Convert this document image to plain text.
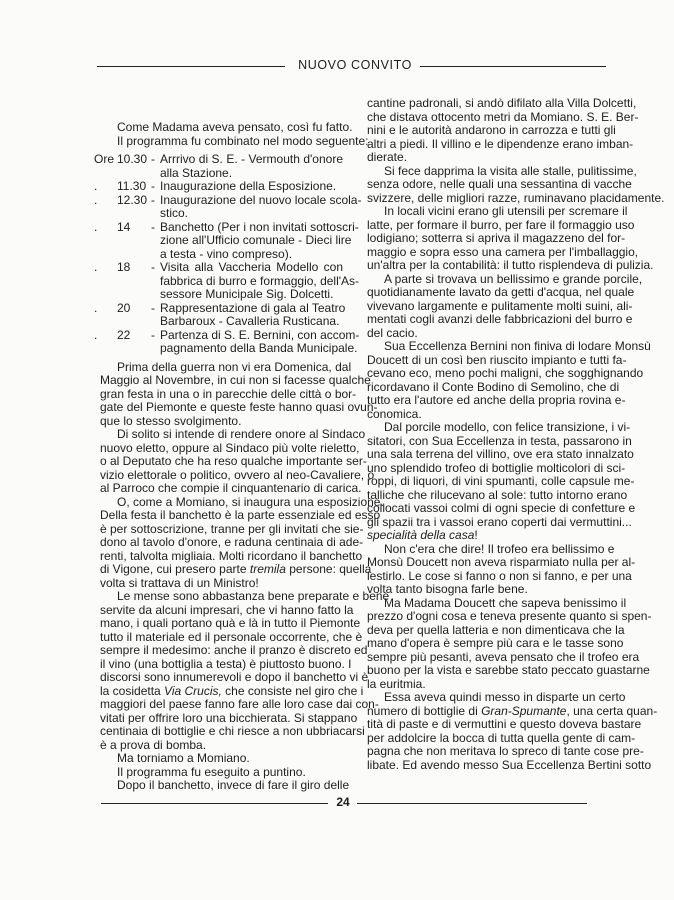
NUOVO CONVITO
Come Madama aveva pensato, così fu fatto.
Il programma fu combinato nel modo seguente:
Ore 10.30 - Arrrivo di S. E. - Vermouth d'onore
alla Stazione.
.	11.30 - Inaugurazione della Esposizione.
.	12.30 - Inaugurazione del nuovo locale scola-
stico.
.	14	- Banchetto (Per i non invitati sottoscri-
zione all'Ufficio comunale - Dieci lire
a testa - vino compreso).
.	18	- Visita alla Vaccheria Modello con
fabbrica di burro e formaggio, dell'As-
sessore Municipale Sig. Dolcetti.
.	20	- Rappresentazione di gala al Teatro
Barbaroux - Cavalleria Rusticana.
.	22	- Partenza di S. E. Bernini, con accom-
pagnamento della Banda Municipale.
Prima della guerra non vi era Domenica, dal
Maggio al Novembre, in cui non si facesse qualche
gran festa in una o in parecchie delle città o bor-
gate del Piemonte e queste feste hanno quasi ovun-
que lo stesso svolgimento.
Di solito si intende di rendere onore al Sindaco
nuovo eletto, oppure al Sindaco più volte rieletto,
o al Deputato che ha reso qualche importante ser-
vizio elettorale o politico, ovvero al neo-Cavaliere, o
al Parroco che compie il cinquantenario di carica.
O, come a Momiano, si inaugura una esposizione.
Della festa il banchetto è la parte essenziale ed esso
è per sottoscrizione, tranne per gli invitati che sie-
dono al tavolo d'onore, e raduna centinaia di ade-
renti, talvolta migliaia. Molti ricordano il banchetto
di Vigone, cui presero parte tremila persone: quella
volta si trattava di un Ministro!
Le mense sono abbastanza bene preparate e bene
servite da alcuni impresari, che vi hanno fatto la
mano, i quali portano quà e là in tutto il Piemonte
tutto il materiale ed il personale occorrente, che è
sempre il medesimo: anche il pranzo è discreto ed
il vino (una bottiglia a testa) è piuttosto buono. I
discorsi sono innumerevoli e dopo il banchetto vi è
la cosidetta Via Crucis, che consiste nel giro che i
maggiori del paese fanno fare alle loro case dai con-
vitati per offrire loro una bicchierata. Si stappano
centinaia di bottiglie e chi riesce a non ubbriacarsi
è a prova di bomba.
Ma torniamo a Momiano.
Il programma fu eseguito a puntino.
Dopo il banchetto, invece di fare il giro delle
cantine padronali, si andò difilato alla Villa Dolcetti,
che distava ottocento metri da Momiano. S. E. Ber-
nini e le autorità andarono in carrozza e tutti gli
altri a piedi. Il villino e le dipendenze erano imban-
dierate.
Si fece dapprima la visita alle stalle, pulitissime,
senza odore, nelle quali una sessantina di vacche
svizzere, delle migliori razze, ruminavano placidamente.
In locali vicini erano gli utensili per scremare il
latte, per formare il burro, per fare il formaggio uso
lodigiano; sotterra si apriva il magazzeno del for-
maggio e sopra esso una camera per l'imballaggio,
un'altra per la contabilità: il tutto risplendeva di pulizia.
A parte si trovava un bellissimo e grande porcile,
quotidianamente lavato da getti d'acqua, nel quale
vivevano largamente e pulitamente molti suini, ali-
mentati cogli avanzi delle fabbricazioni del burro e
del cacio.
Sua Eccellenza Bernini non finiva di lodare Monsù
Doucett di un così ben riuscito impianto e tutti fa-
cevano eco, meno pochi maligni, che sogghignando
ricordavano il Conte Bodino di Semolino, che di
tutto era l'autore ed anche della propria rovina e-
conomica.
Dal porcile modello, con felice transizione, i vi-
sitatori, con Sua Eccellenza in testa, passarono in
una sala terrena del villino, ove era stato innalzato
uno splendido trofeo di bottiglie molticolori di sci-
roppi, di liquori, di vini spumanti, colle capsule me-
talliche che rilucevano al sole: tutto intorno erano
collocati vassoi colmi di ogni specie di confetture e
gli spazii tra i vassoi erano coperti dai vermuttini...
specialità della casa!
Non c'era che dire! Il trofeo era bellissimo e
Monsù Doucett non aveva risparmiato nulla per al-
lestirlo. Le cose si fanno o non si fanno, e per una
volta tanto bisogna farle bene.
Ma Madama Doucett che sapeva benissimo il
prezzo d'ogni cosa e teneva presente quanto si spen-
deva per quella latteria e non dimenticava che la
mano d'opera è sempre più cara e le tasse sono
sempre più pesanti, aveva pensato che il trofeo era
buono per la vista e sarebbe stato peccato guastarne
la euritmia.
Essa aveva quindi messo in disparte un certo
numero di bottiglie di Gran-Spumante, una certa quan-
tità di paste e di vermuttini e questo doveva bastare
per addolcire la bocca di tutta quella gente di cam-
pagna che non meritava lo spreco di tante cose pre-
libate. Ed avendo messo Sua Eccellenza Bertini sotto
24
